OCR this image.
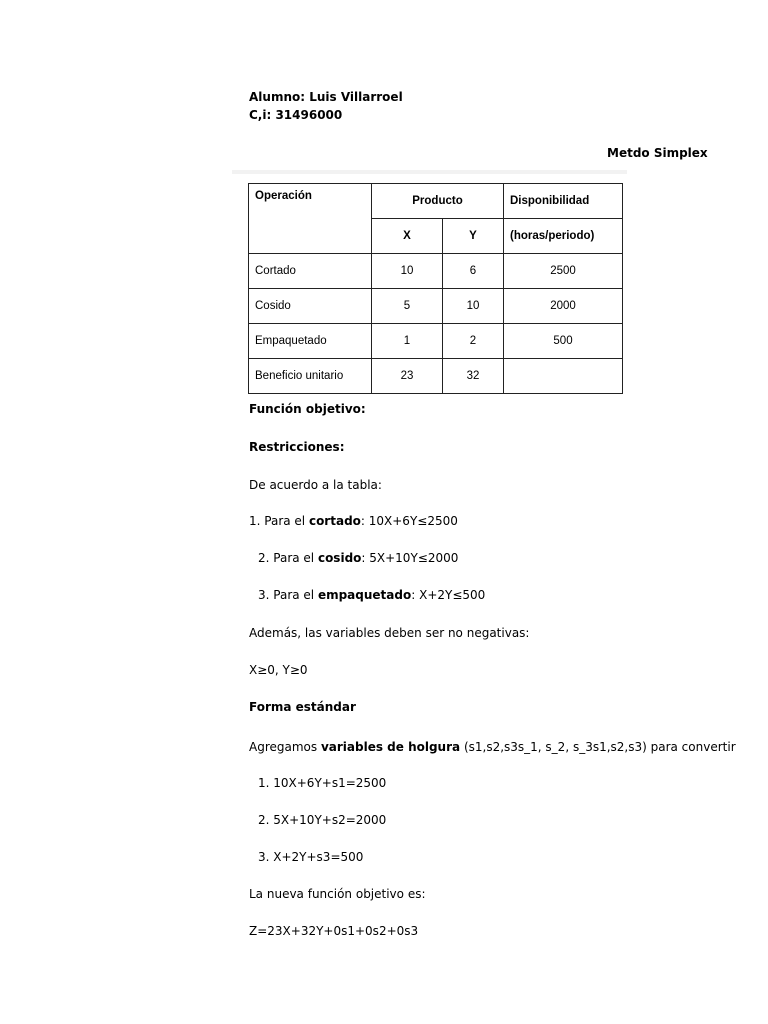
Alumno: Luis Villarroel
C,i: 31496000
Metdo Simplex
Operación	Producto		Disponibilidad
	X	Y	(horas/periodo)
Cortado	10	6	2500
Cosido	5	10	2000
Empaquetado	1	2	500
Beneficio unitario	23	32	
Función objetivo:
Restricciones:
De acuerdo a la tabla:
1. Para el cortado: 10X+6Y≤2500
2. Para el cosido: 5X+10Y≤2000
3. Para el empaquetado: X+2Y≤500
Además, las variables deben ser no negativas:
X≥0, Y≥0
Forma estándar
Agregamos variables de holgura (s1,s2,s3s_1, s_2, s_3s1,s2,s3) para convertir
1. 10X+6Y+s1=2500
2. 5X+10Y+s2=2000
3. X+2Y+s3=500
La nueva función objetivo es:
Z=23X+32Y+0s1+0s2+0s3
